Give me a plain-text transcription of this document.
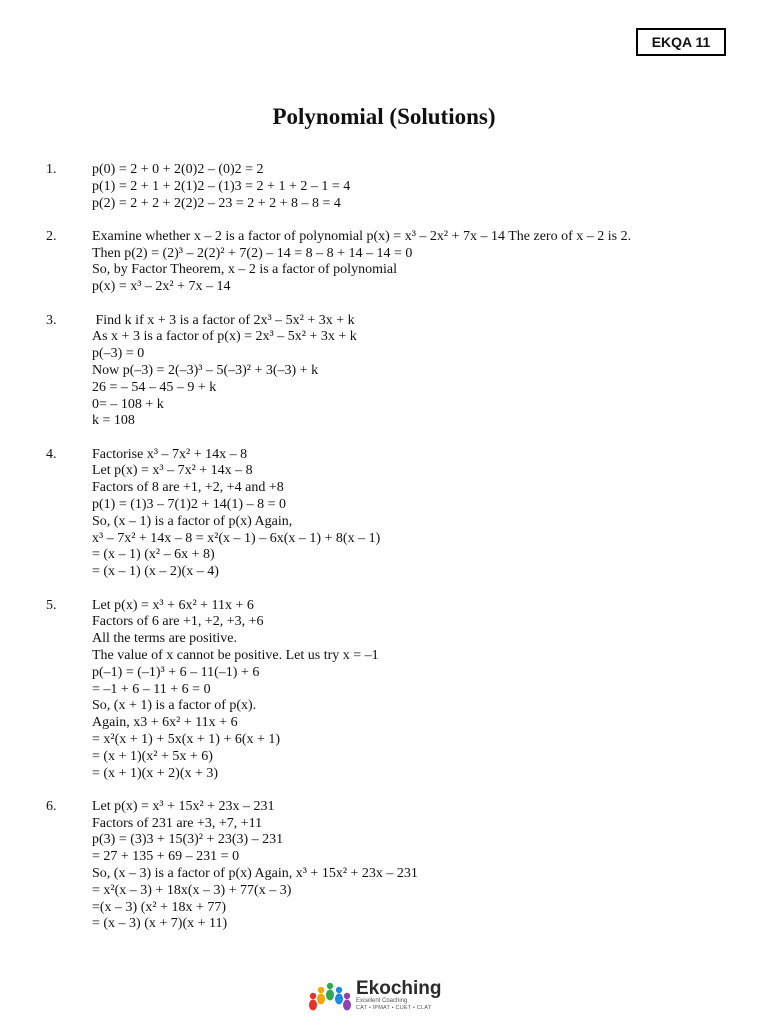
EKQA 11
Polynomial (Solutions)
1.	p(0) = 2 + 0 + 2(0)2 – (0)2 = 2
p(1) = 2 + 1 + 2(1)2 – (1)3 = 2 + 1 + 2 – 1 = 4
p(2) = 2 + 2 + 2(2)2 – 23 = 2 + 2 + 8 – 8 = 4
2.	Examine whether x – 2 is a factor of polynomial p(x) = x³ – 2x² + 7x – 14 The zero of x – 2 is 2.
Then p(2) = (2)³ – 2(2)² + 7(2) – 14 = 8 – 8 + 14 – 14 = 0
So, by Factor Theorem, x – 2 is a factor of polynomial
p(x) = x³ – 2x² + 7x – 14
3.	Find k if x + 3 is a factor of 2x³ – 5x² + 3x + k
As x + 3 is a factor of p(x) = 2x³ – 5x² + 3x + k
p(–3) = 0
Now p(–3) = 2(–3)³ – 5(–3)² + 3(–3) + k
26 = – 54 – 45 – 9 + k
0= – 108 + k
k = 108
4.	Factorise x³ – 7x² + 14x – 8
Let p(x) = x³ – 7x² + 14x – 8
Factors of 8 are +1, +2, +4 and +8
p(1) = (1)3 – 7(1)2 + 14(1) – 8 = 0
So, (x – 1) is a factor of p(x) Again,
x³ – 7x² + 14x – 8 = x²(x – 1) – 6x(x – 1) + 8(x – 1)
= (x – 1) (x² – 6x + 8)
= (x – 1) (x – 2)(x – 4)
5.	Let p(x) = x³ + 6x² + 11x + 6
Factors of 6 are +1, +2, +3, +6
All the terms are positive.
The value of x cannot be positive. Let us try x = –1
p(–1) = (–1)³ + 6 – 11(–1) + 6
= –1 + 6 – 11 + 6 = 0
So, (x + 1) is a factor of p(x).
Again, x3 + 6x² + 11x + 6
= x²(x + 1) + 5x(x + 1) + 6(x + 1)
= (x + 1)(x² + 5x + 6)
= (x + 1)(x + 2)(x + 3)
6.	Let p(x) = x³ + 15x² + 23x – 231
Factors of 231 are +3, +7, +11
p(3) = (3)3 + 15(3)² + 23(3) – 231
= 27 + 135 + 69 – 231 = 0
So, (x – 3) is a factor of p(x) Again, x³ + 15x² + 23x – 231
= x²(x – 3) + 18x(x – 3) + 77(x – 3)
=(x – 3) (x² + 18x + 77)
= (x – 3) (x + 7)(x + 11)
Ekoching
Excellent Coaching
CAT • IPMAT • CUET • CLAT
